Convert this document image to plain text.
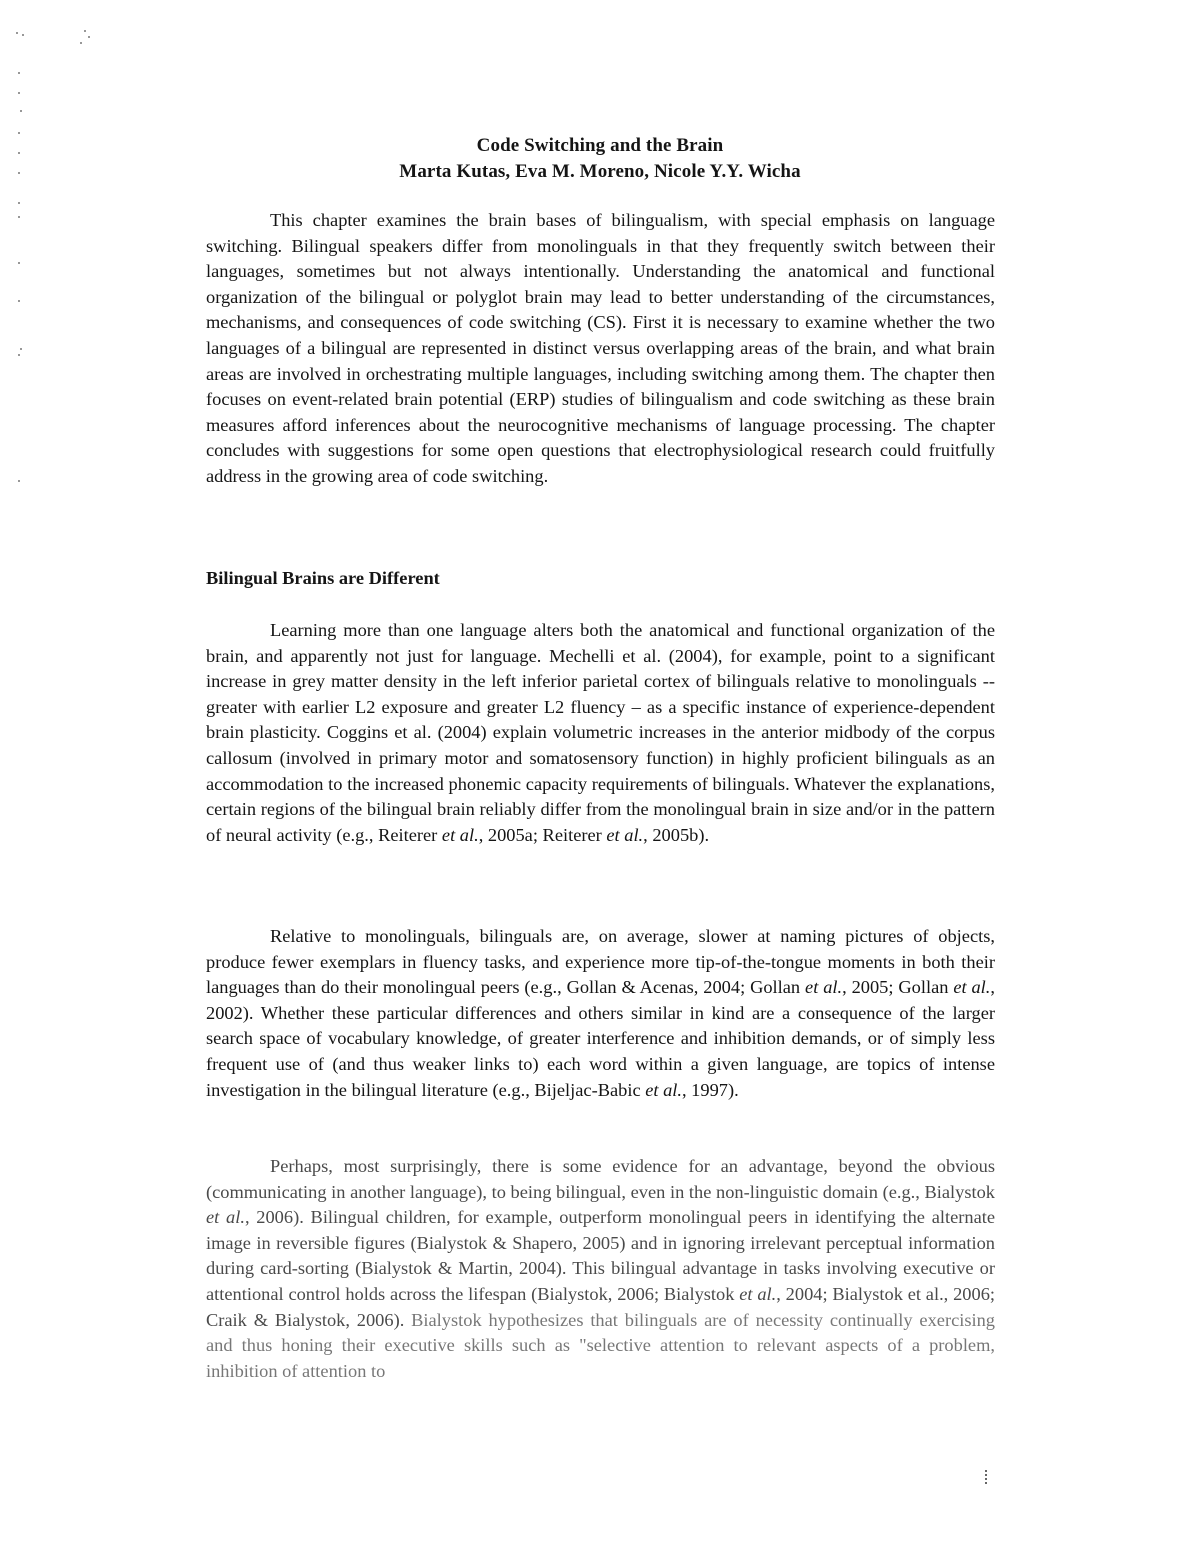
Code Switching and the Brain
Marta Kutas, Eva M. Moreno, Nicole Y.Y. Wicha

This chapter examines the brain bases of bilingualism, with special emphasis on language switching. Bilingual speakers differ from monolinguals in that they frequently switch between their languages, sometimes but not always intentionally. Understanding the anatomical and functional organization of the bilingual or polyglot brain may lead to better understanding of the circumstances, mechanisms, and consequences of code switching (CS). First it is necessary to examine whether the two languages of a bilingual are represented in distinct versus overlapping areas of the brain, and what brain areas are involved in orchestrating multiple languages, including switching among them. The chapter then focuses on event-related brain potential (ERP) studies of bilingualism and code switching as these brain measures afford inferences about the neurocognitive mechanisms of language processing. The chapter concludes with suggestions for some open questions that electrophysiological research could fruitfully address in the growing area of code switching.

Bilingual Brains are Different

Learning more than one language alters both the anatomical and functional organization of the brain, and apparently not just for language. Mechelli et al. (2004), for example, point to a significant increase in grey matter density in the left inferior parietal cortex of bilinguals relative to monolinguals -- greater with earlier L2 exposure and greater L2 fluency – as a specific instance of experience-dependent brain plasticity. Coggins et al. (2004) explain volumetric increases in the anterior midbody of the corpus callosum (involved in primary motor and somatosensory function) in highly proficient bilinguals as an accommodation to the increased phonemic capacity requirements of bilinguals. Whatever the explanations, certain regions of the bilingual brain reliably differ from the monolingual brain in size and/or in the pattern of neural activity (e.g., Reiterer et al., 2005a; Reiterer et al., 2005b).

Relative to monolinguals, bilinguals are, on average, slower at naming pictures of objects, produce fewer exemplars in fluency tasks, and experience more tip-of-the-tongue moments in both their languages than do their monolingual peers (e.g., Gollan & Acenas, 2004; Gollan et al., 2005; Gollan et al., 2002). Whether these particular differences and others similar in kind are a consequence of the larger search space of vocabulary knowledge, of greater interference and inhibition demands, or of simply less frequent use of (and thus weaker links to) each word within a given language, are topics of intense investigation in the bilingual literature (e.g., Bijeljac-Babic et al., 1997).

Perhaps, most surprisingly, there is some evidence for an advantage, beyond the obvious (communicating in another language), to being bilingual, even in the non-linguistic domain (e.g., Bialystok et al., 2006). Bilingual children, for example, outperform monolingual peers in identifying the alternate image in reversible figures (Bialystok & Shapero, 2005) and in ignoring irrelevant perceptual information during card-sorting (Bialystok & Martin, 2004). This bilingual advantage in tasks involving executive or attentional control holds across the lifespan (Bialystok, 2006; Bialystok et al., 2004; Bialystok et al., 2006; Craik & Bialystok, 2006). Bialystok hypothesizes that bilinguals are of necessity continually exercising and thus honing their executive skills such as "selective attention to relevant aspects of a problem, inhibition of attention to
